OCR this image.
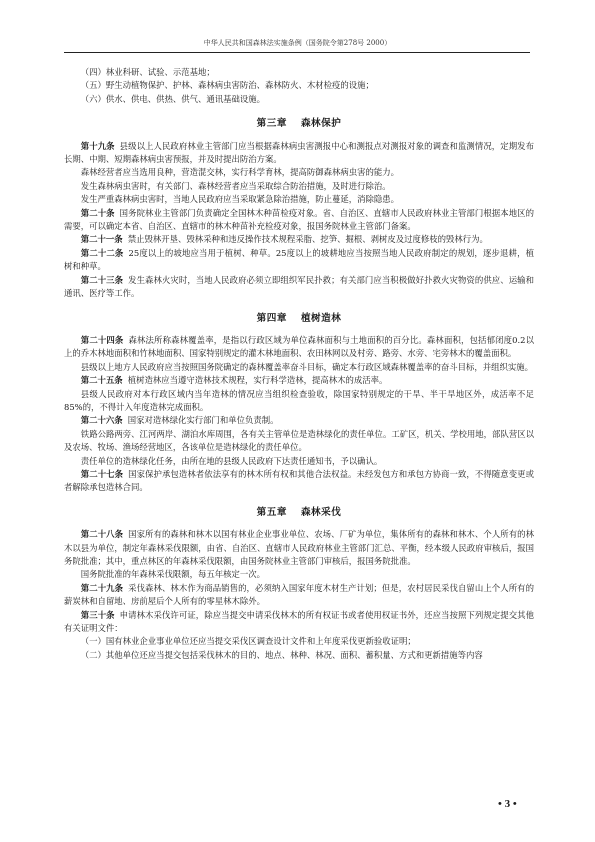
中华人民共和国森林法实施条例（国务院令第278号 2000）

（四）林业科研、试验、示范基地；

（五）野生动植物保护、护林、森林病虫害防治、森林防火、木材检疫的设施；

（六）供水、供电、供热、供气、通讯基础设施。

第三章 森林保护

第十九条 县级以上人民政府林业主管部门应当根据森林病虫害测报中心和测报点对测报对象的调查和监测情况，定期发布长期、中期、短期森林病虫害预报，并及时提出防治方案。

森林经营者应当选用良种，营造混交林，实行科学育林，提高防御森林病虫害的能力。

发生森林病虫害时，有关部门、森林经营者应当采取综合防治措施，及时进行除治。

发生严重森林病虫害时，当地人民政府应当采取紧急除治措施，防止蔓延，消除隐患。

第二十条 国务院林业主管部门负责确定全国林木种苗检疫对象。省、自治区、直辖市人民政府林业主管部门根据本地区的需要，可以确定本省、自治区、直辖市的林木种苗补充检疫对象，报国务院林业主管部门备案。

第二十一条 禁止毁林开垦、毁林采种和违反操作技术规程采脂、挖笋、掘根、剥树皮及过度修枝的毁林行为。

第二十二条 25度以上的坡地应当用于植树、种草。25度以上的坡耕地应当按照当地人民政府制定的规划，逐步退耕，植树和种草。

第二十三条 发生森林火灾时，当地人民政府必须立即组织军民扑救；有关部门应当积极做好扑救火灾物资的供应、运输和通讯、医疗等工作。

第四章 植树造林

第二十四条 森林法所称森林覆盖率，是指以行政区域为单位森林面积与土地面积的百分比。森林面积，包括郁闭度0.2以上的乔木林地面积和竹林地面积、国家特别规定的灌木林地面积、农田林网以及村旁、路旁、水旁、宅旁林木的覆盖面积。

县级以上地方人民政府应当按照国务院确定的森林覆盖率奋斗目标，确定本行政区域森林覆盖率的奋斗目标，并组织实施。

第二十五条 植树造林应当遵守造林技术规程，实行科学造林，提高林木的成活率。

县级人民政府对本行政区域内当年造林的情况应当组织检查验收，除国家特别规定的干旱、半干旱地区外，成活率不足85%的，不得计入年度造林完成面积。

第二十六条 国家对造林绿化实行部门和单位负责制。

铁路公路两旁、江河两岸、湖泊水库周围，各有关主管单位是造林绿化的责任单位。工矿区，机关、学校用地，部队营区以及农场、牧场、渔场经营地区，各该单位是造林绿化的责任单位。

责任单位的造林绿化任务，由所在地的县级人民政府下达责任通知书，予以确认。

第二十七条 国家保护承包造林者依法享有的林木所有权和其他合法权益。未经发包方和承包方协商一致，不得随意变更或者解除承包造林合同。

第五章 森林采伐

第二十八条 国家所有的森林和林木以国有林业企业事业单位、农场、厂矿为单位，集体所有的森林和林木、个人所有的林木以县为单位，制定年森林采伐限额，由省、自治区、直辖市人民政府林业主管部门汇总、平衡，经本级人民政府审核后，报国务院批准；其中，重点林区的年森林采伐限额，由国务院林业主管部门审核后，报国务院批准。

国务院批准的年森林采伐限额，每五年核定一次。

第二十九条 采伐森林、林木作为商品销售的，必须纳入国家年度木材生产计划；但是，农村居民采伐自留山上个人所有的薪炭林和自留地、房前屋后个人所有的零星林木除外。

第三十条 申请林木采伐许可证，除应当提交申请采伐林木的所有权证书或者使用权证书外，还应当按照下列规定提交其他有关证明文件：

（一）国有林业企业事业单位还应当提交采伐区调查设计文件和上年度采伐更新验收证明；

（二）其他单位还应当提交包括采伐林木的目的、地点、林种、林况、面积、蓄积量、方式和更新措施等内容

• 3 •
